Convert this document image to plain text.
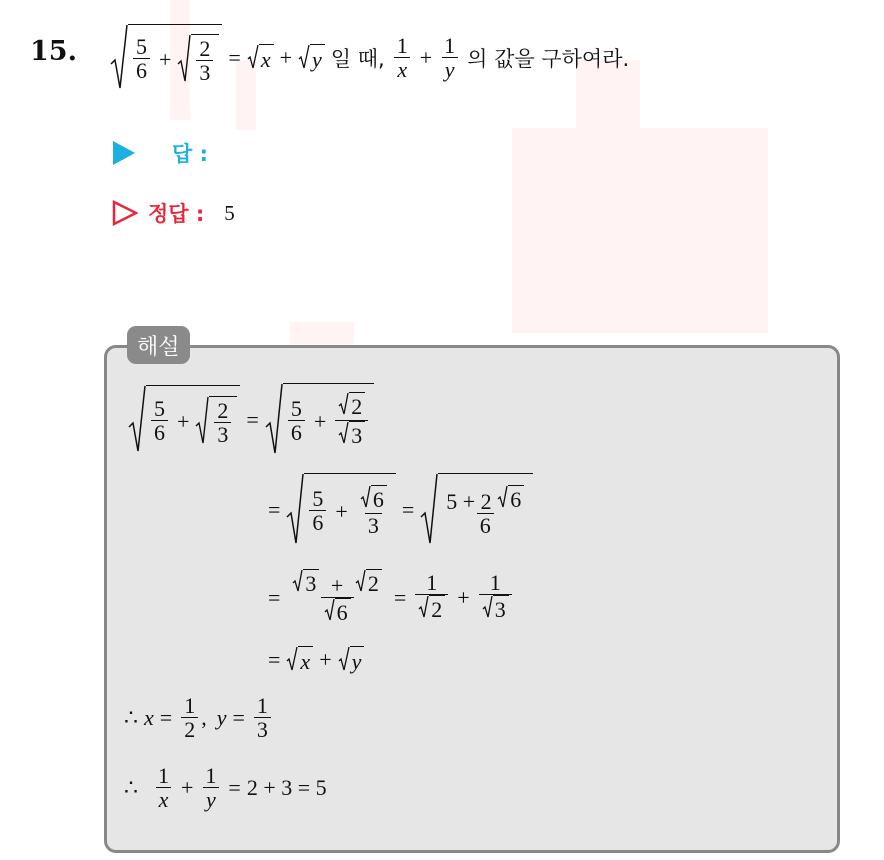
15.	$\frac{5}{6} + \frac{2}{3} = x + y$ 일 때, $\frac{1}{x} + \frac{1}{y}$ 의 값을 구하여라.
답 :
정답 : 5
해설
$\frac{5}{6} + \frac{2}{3} = \frac{5}{6} + \frac{2}{3}$
= $\frac{5}{6} + \frac{6}{3} = \frac{5 + 2 6}{6}$
= $\frac{3 + 2}{6} = \frac{1}{2} + \frac{1}{3}$
= x + y
∴ $x = \frac{1}{2}$ , $y = \frac{1}{3}$
∴ $\frac{1}{x} + \frac{1}{y} = 2 + 3 = 5$
